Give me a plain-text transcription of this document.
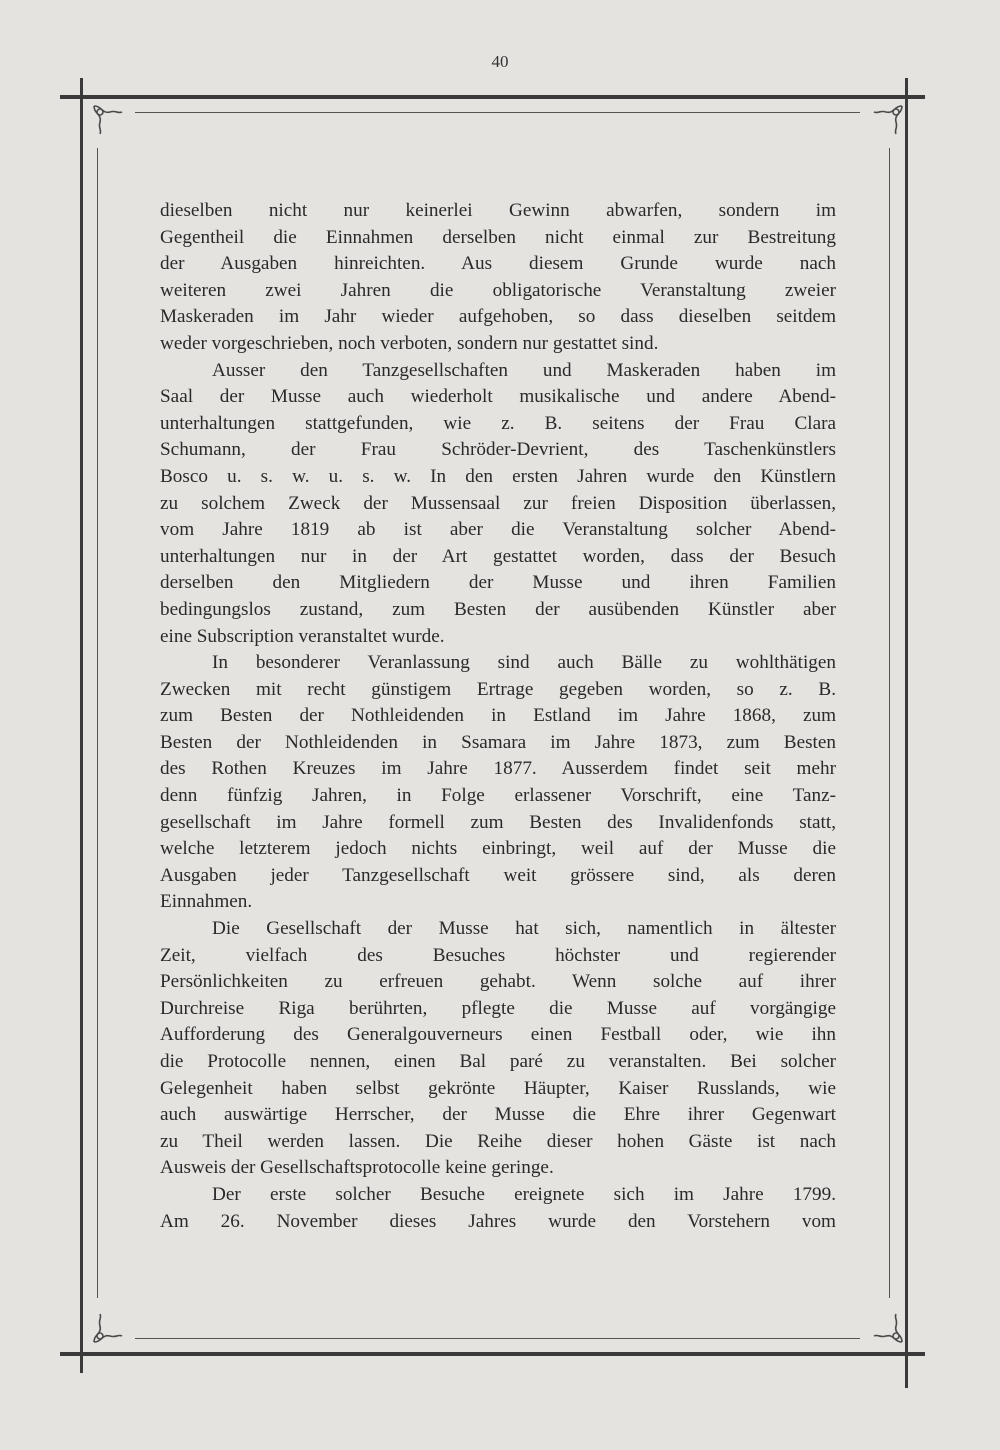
40
dieselben nicht nur keinerlei Gewinn abwarfen, sondern im
Gegentheil die Einnahmen derselben nicht einmal zur Bestreitung
der Ausgaben hinreichten. Aus diesem Grunde wurde nach
weiteren zwei Jahren die obligatorische Veranstaltung zweier
Maskeraden im Jahr wieder aufgehoben, so dass dieselben seitdem
weder vorgeschrieben, noch verboten, sondern nur gestattet sind.
Ausser den Tanzgesellschaften und Maskeraden haben im
Saal der Musse auch wiederholt musikalische und andere Abend-
unterhaltungen stattgefunden, wie z. B. seitens der Frau Clara
Schumann, der Frau Schröder-Devrient, des Taschenkünstlers
Bosco u. s. w. u. s. w. In den ersten Jahren wurde den Künstlern
zu solchem Zweck der Mussensaal zur freien Disposition überlassen,
vom Jahre 1819 ab ist aber die Veranstaltung solcher Abend-
unterhaltungen nur in der Art gestattet worden, dass der Besuch
derselben den Mitgliedern der Musse und ihren Familien
bedingungslos zustand, zum Besten der ausübenden Künstler aber
eine Subscription veranstaltet wurde.
In besonderer Veranlassung sind auch Bälle zu wohlthätigen
Zwecken mit recht günstigem Ertrage gegeben worden, so z. B.
zum Besten der Nothleidenden in Estland im Jahre 1868, zum
Besten der Nothleidenden in Ssamara im Jahre 1873, zum Besten
des Rothen Kreuzes im Jahre 1877. Ausserdem findet seit mehr
denn fünfzig Jahren, in Folge erlassener Vorschrift, eine Tanz-
gesellschaft im Jahre formell zum Besten des Invalidenfonds statt,
welche letzterem jedoch nichts einbringt, weil auf der Musse die
Ausgaben jeder Tanzgesellschaft weit grössere sind, als deren
Einnahmen.
Die Gesellschaft der Musse hat sich, namentlich in ältester
Zeit, vielfach des Besuches höchster und regierender
Persönlichkeiten zu erfreuen gehabt. Wenn solche auf ihrer
Durchreise Riga berührten, pflegte die Musse auf vorgängige
Aufforderung des Generalgouverneurs einen Festball oder, wie ihn
die Protocolle nennen, einen Bal paré zu veranstalten. Bei solcher
Gelegenheit haben selbst gekrönte Häupter, Kaiser Russlands, wie
auch auswärtige Herrscher, der Musse die Ehre ihrer Gegenwart
zu Theil werden lassen. Die Reihe dieser hohen Gäste ist nach
Ausweis der Gesellschaftsprotocolle keine geringe.
Der erste solcher Besuche ereignete sich im Jahre 1799.
Am 26. November dieses Jahres wurde den Vorstehern vom
